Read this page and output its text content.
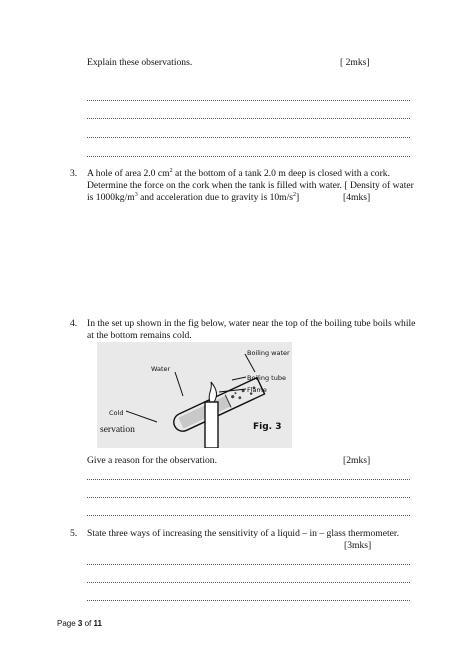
Explain these observations.	[ 2mks]
3. A hole of area 2.0 $cm^2$ at the bottom of a tank 2.0 m deep is closed with a cork.
Determine the force on the cork when the tank is filled with water. [ Density of water
is $1000kg/m^3$ and acceleration due to gravity is $10m/s^2$]	[4mks]
4. In the set up shown in the fig below, water near the top of the boiling tube boils while
at the bottom remains cold.
Boiling water
Water
Boiling tube
Flame
Cold
servation	Fig. 3
Give a reason for the observation.	[2mks]
5. State three ways of increasing the sensitivity of a liquid – in – glass thermometer.
[3mks]
Page 3 of 11
